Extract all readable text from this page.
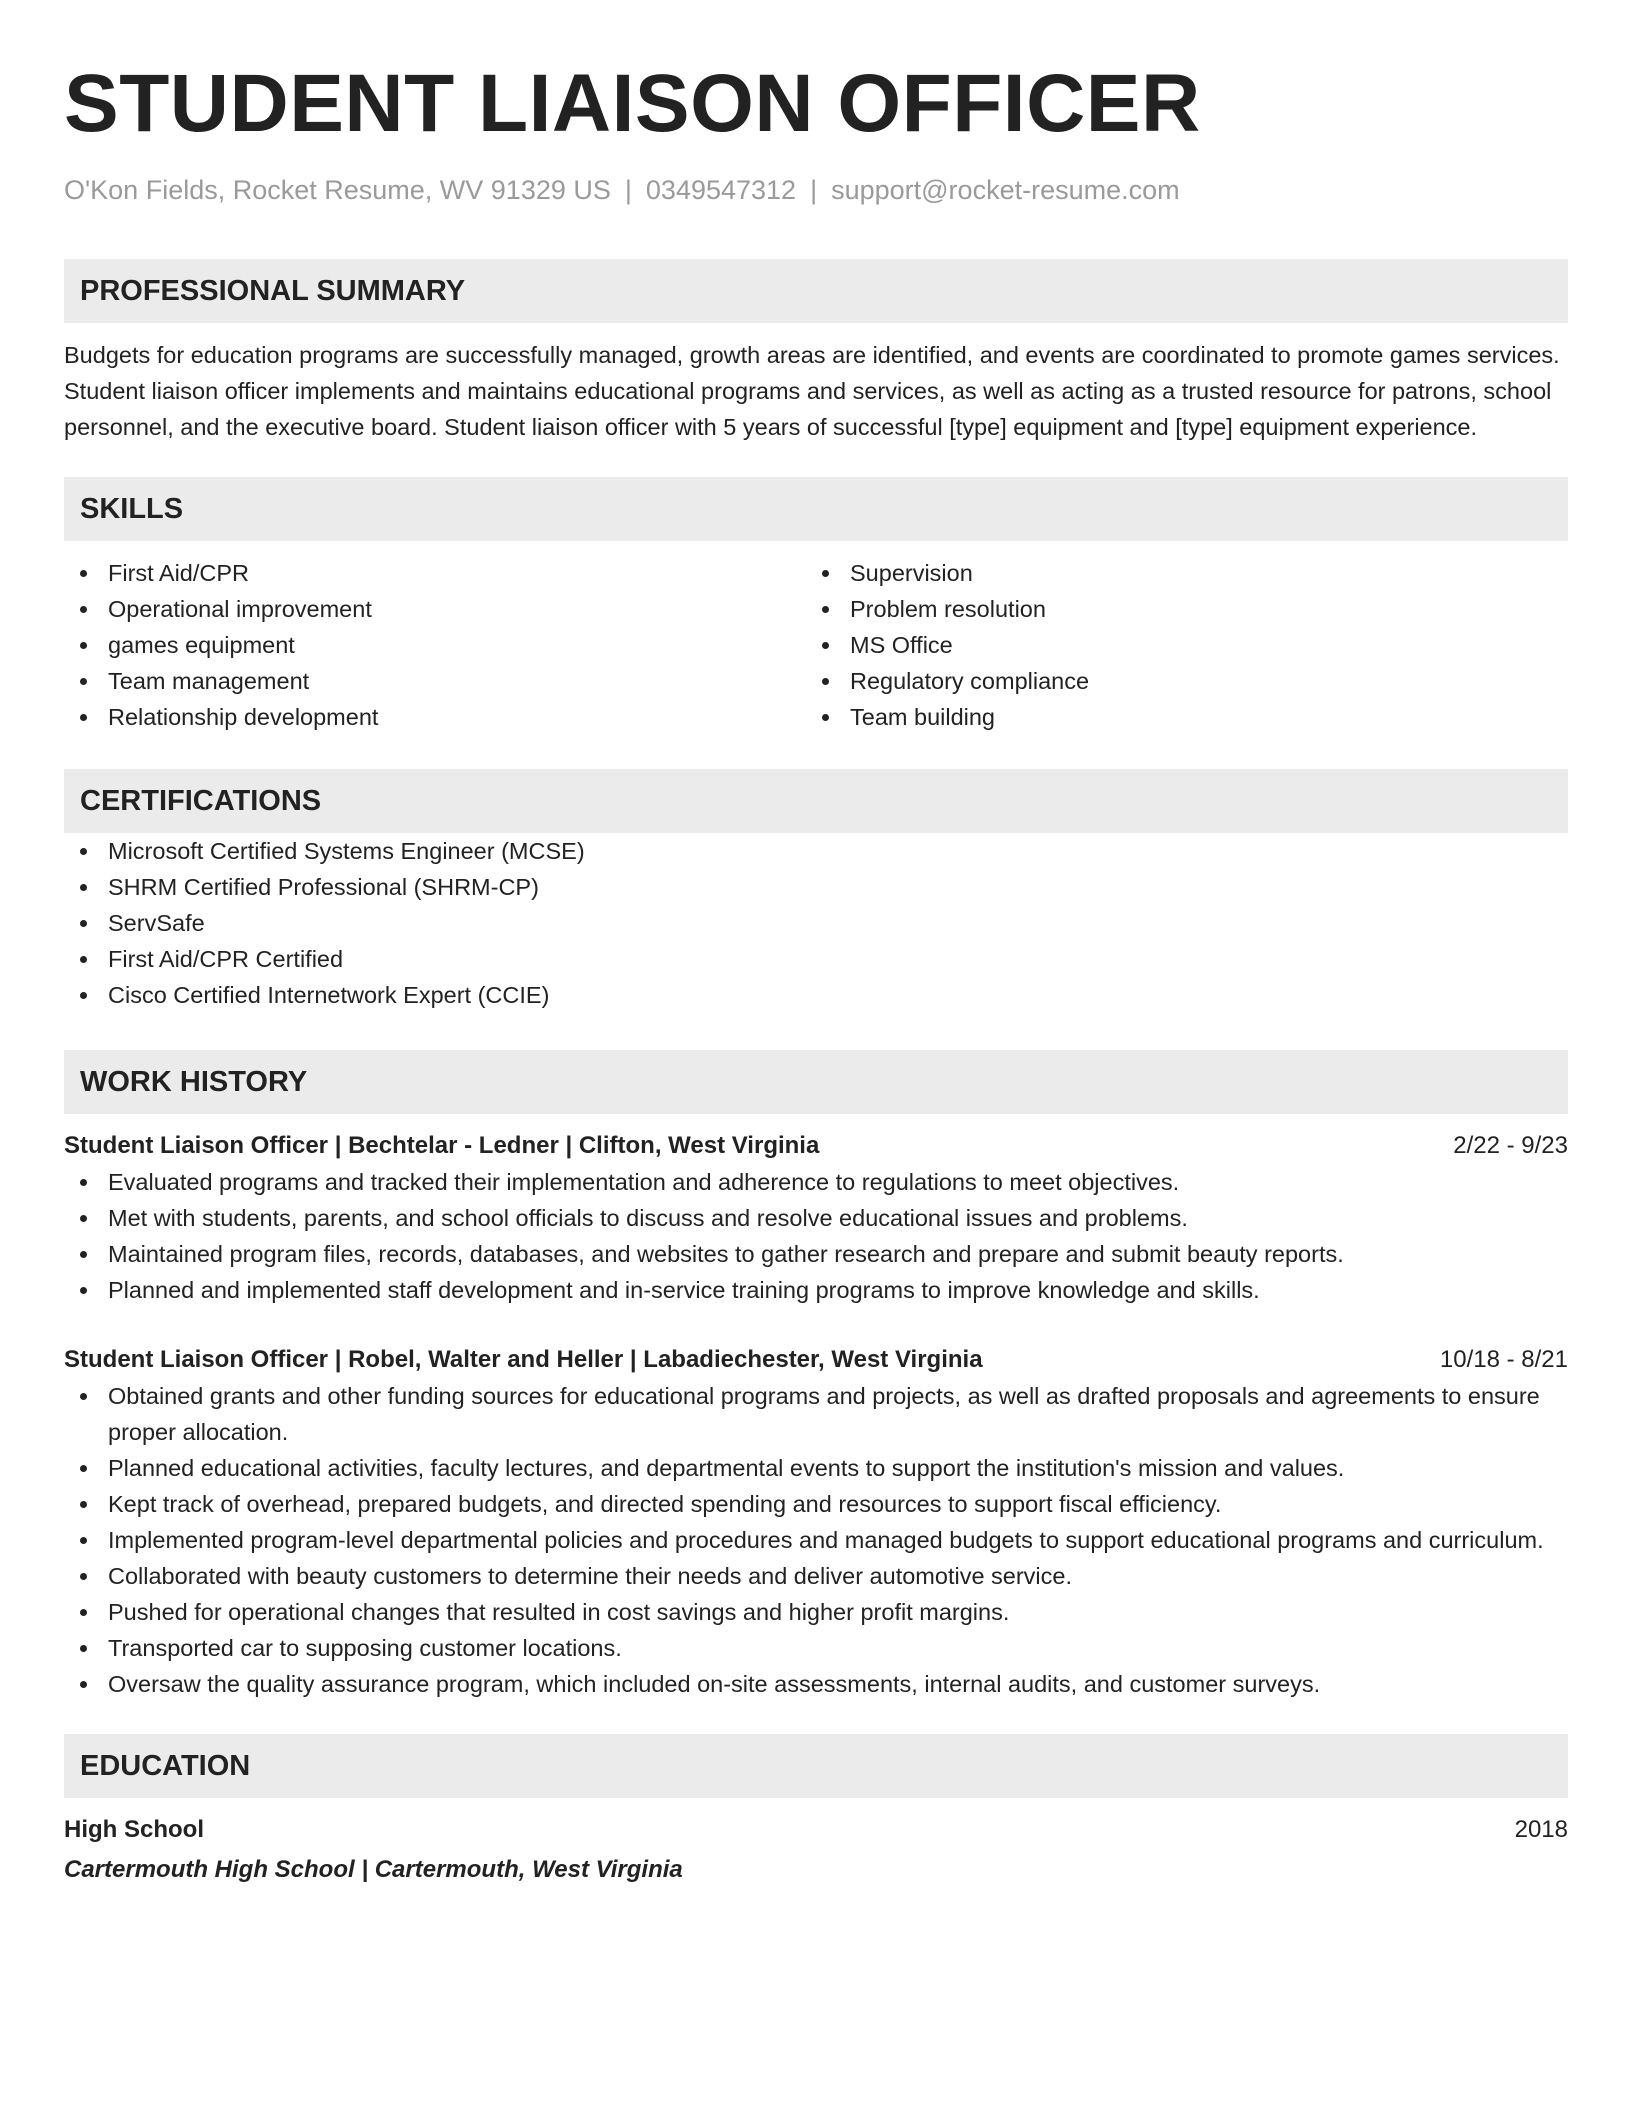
STUDENT LIAISON OFFICER
O'Kon Fields, Rocket Resume, WV 91329 US | 0349547312 | support@rocket-resume.com
PROFESSIONAL SUMMARY
Budgets for education programs are successfully managed, growth areas are identified, and events are coordinated to promote games services. Student liaison officer implements and maintains educational programs and services, as well as acting as a trusted resource for patrons, school personnel, and the executive board. Student liaison officer with 5 years of successful [type] equipment and [type] equipment experience.
SKILLS
First Aid/CPR
Operational improvement
games equipment
Team management
Relationship development
Supervision
Problem resolution
MS Office
Regulatory compliance
Team building
CERTIFICATIONS
Microsoft Certified Systems Engineer (MCSE)
SHRM Certified Professional (SHRM-CP)
ServSafe
First Aid/CPR Certified
Cisco Certified Internetwork Expert (CCIE)
WORK HISTORY
Student Liaison Officer | Bechtelar - Ledner | Clifton, West Virginia	2/22 - 9/23
Evaluated programs and tracked their implementation and adherence to regulations to meet objectives.
Met with students, parents, and school officials to discuss and resolve educational issues and problems.
Maintained program files, records, databases, and websites to gather research and prepare and submit beauty reports.
Planned and implemented staff development and in-service training programs to improve knowledge and skills.
Student Liaison Officer | Robel, Walter and Heller | Labadiechester, West Virginia	10/18 - 8/21
Obtained grants and other funding sources for educational programs and projects, as well as drafted proposals and agreements to ensure proper allocation.
Planned educational activities, faculty lectures, and departmental events to support the institution's mission and values.
Kept track of overhead, prepared budgets, and directed spending and resources to support fiscal efficiency.
Implemented program-level departmental policies and procedures and managed budgets to support educational programs and curriculum.
Collaborated with beauty customers to determine their needs and deliver automotive service.
Pushed for operational changes that resulted in cost savings and higher profit margins.
Transported car to supposing customer locations.
Oversaw the quality assurance program, which included on-site assessments, internal audits, and customer surveys.
EDUCATION
High School	2018
Cartermouth High School | Cartermouth, West Virginia
